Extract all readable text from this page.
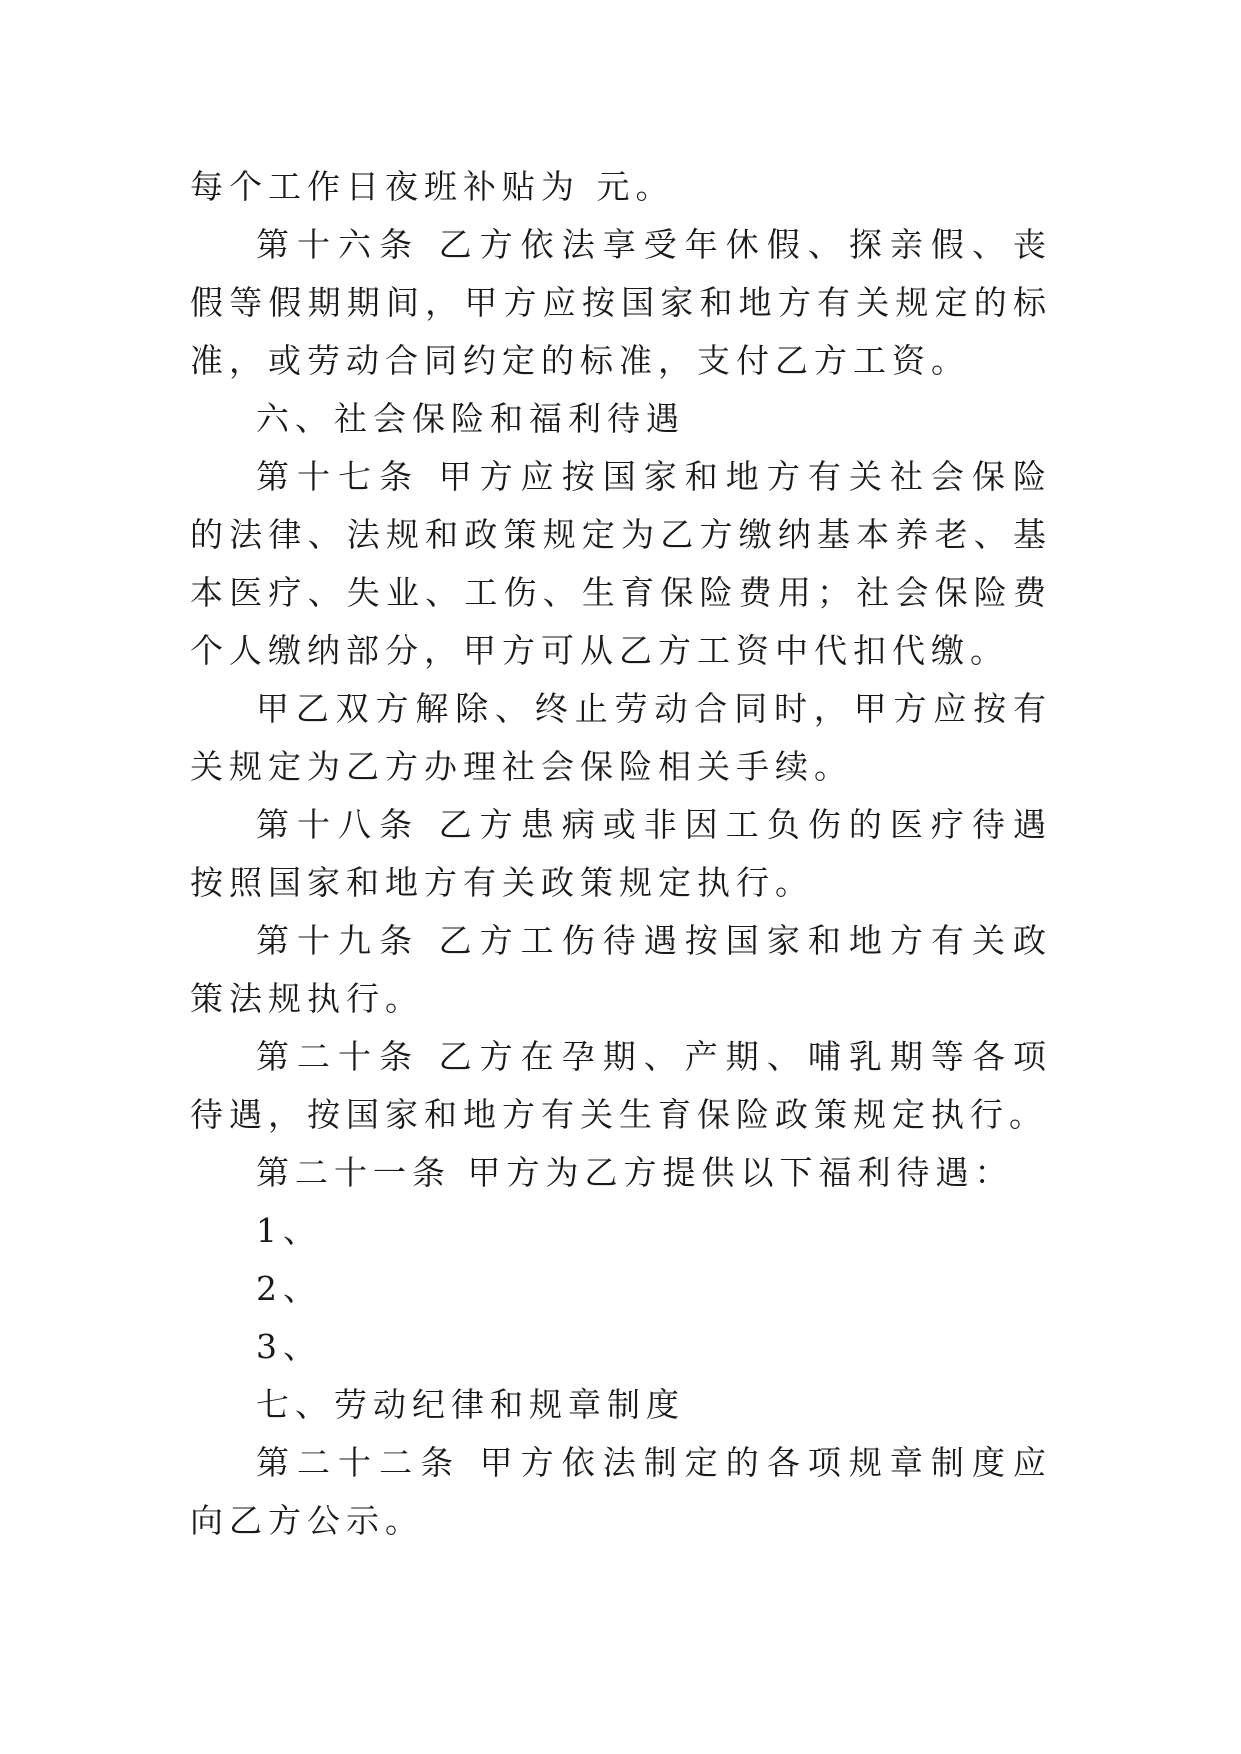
每个工作日夜班补贴为 元。

第十六条 乙方依法享受年休假、探亲假、丧假等假期期间，甲方应按国家和地方有关规定的标准，或劳动合同约定的标准，支付乙方工资。

六、社会保险和福利待遇

第十七条 甲方应按国家和地方有关社会保险的法律、法规和政策规定为乙方缴纳基本养老、基本医疗、失业、工伤、生育保险费用；社会保险费个人缴纳部分，甲方可从乙方工资中代扣代缴。

甲乙双方解除、终止劳动合同时，甲方应按有关规定为乙方办理社会保险相关手续。

第十八条 乙方患病或非因工负伤的医疗待遇按照国家和地方有关政策规定执行。

第十九条 乙方工伤待遇按国家和地方有关政策法规执行。

第二十条 乙方在孕期、产期、哺乳期等各项待遇，按国家和地方有关生育保险政策规定执行。

第二十一条 甲方为乙方提供以下福利待遇：

1、

2、

3、

七、劳动纪律和规章制度

第二十二条 甲方依法制定的各项规章制度应向乙方公示。
